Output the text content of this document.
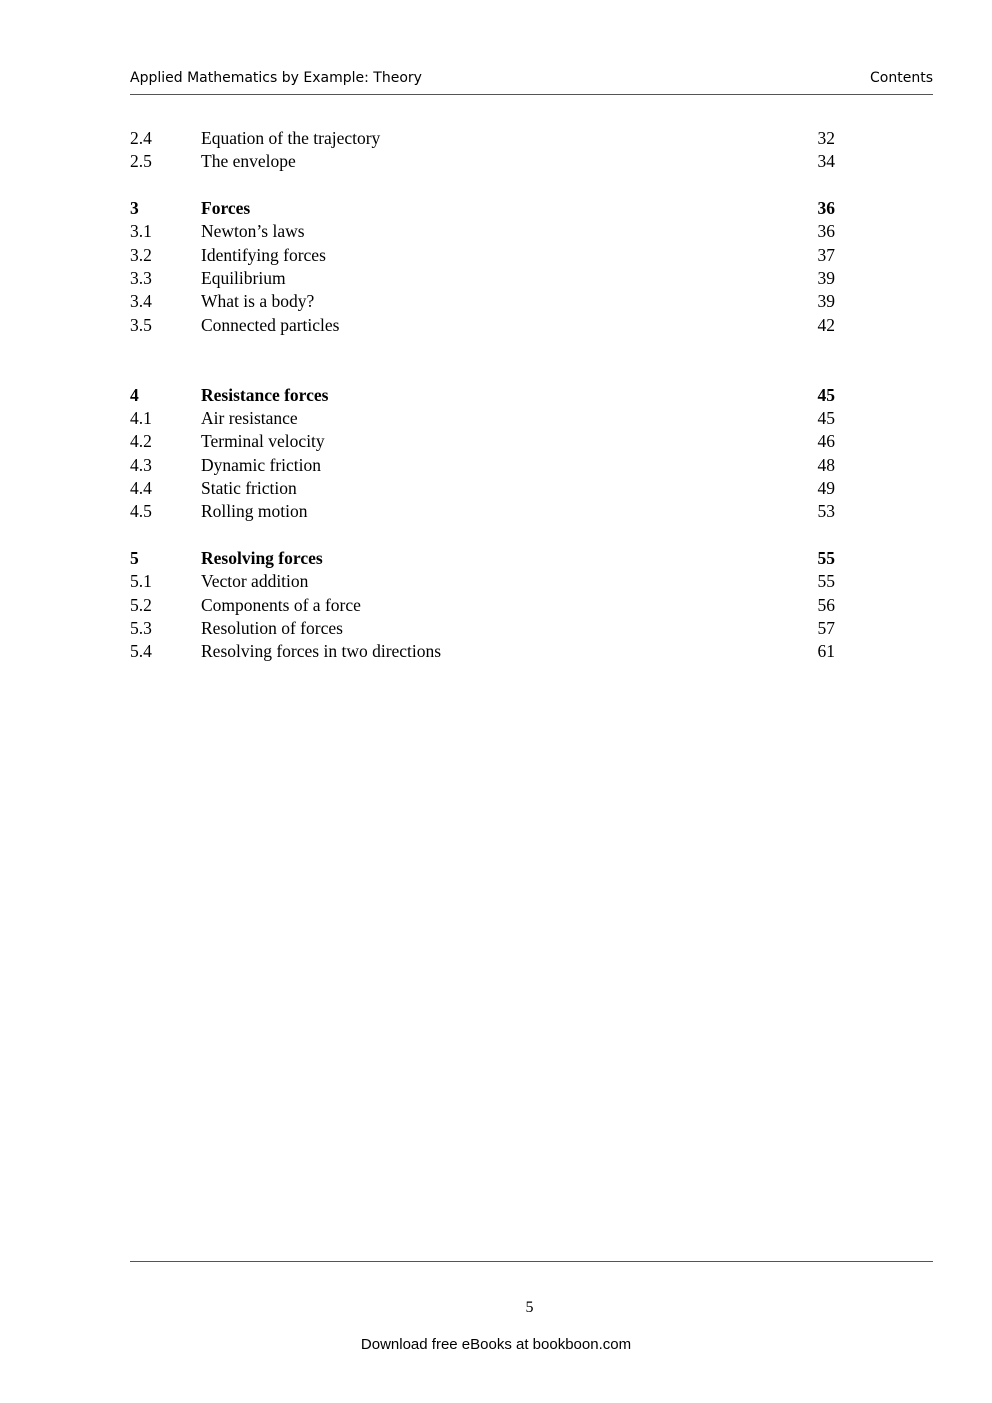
Applied Mathematics by Example: Theory	Contents
2.4	Equation of the trajectory	32
2.5	The envelope	34
3	Forces	36
3.1	Newton’s laws	36
3.2	Identifying forces	37
3.3	Equilibrium	39
3.4	What is a body?	39
3.5	Connected particles	42
4	Resistance forces	45
4.1	Air resistance	45
4.2	Terminal velocity	46
4.3	Dynamic friction	48
4.4	Static friction	49
4.5	Rolling motion	53
5	Resolving forces	55
5.1	Vector addition	55
5.2	Components of a force	56
5.3	Resolution of forces	57
5.4	Resolving forces in two directions	61
5
Download free eBooks at bookboon.com
